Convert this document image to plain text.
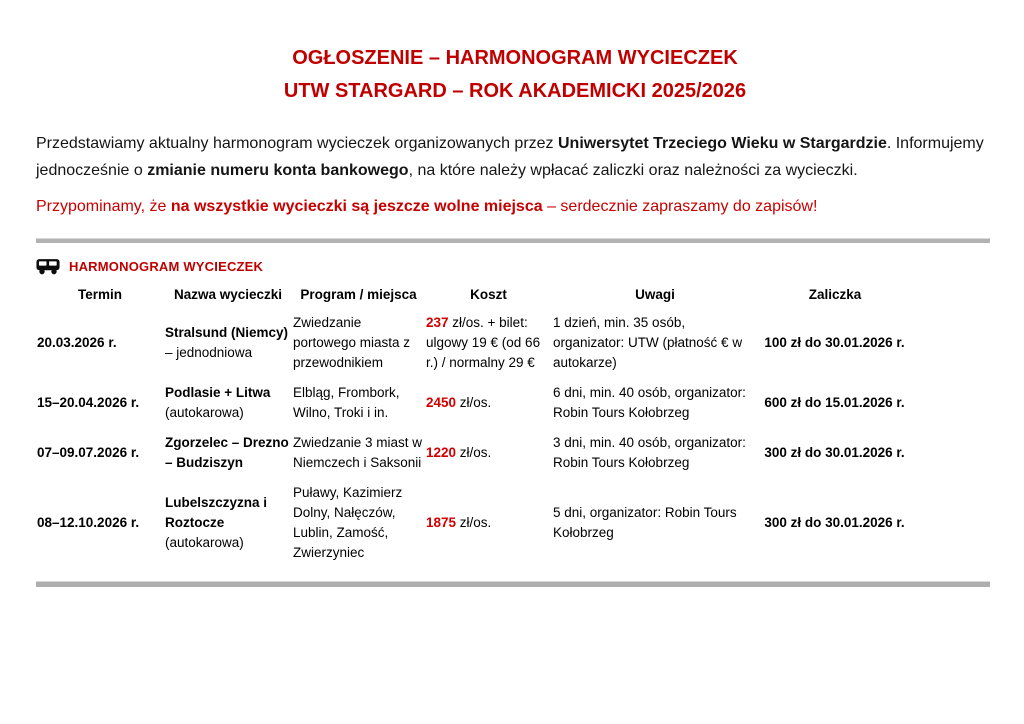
OGŁOSZENIE – HARMONOGRAM WYCIECZEK
UTW STARGARD – ROK AKADEMICKI 2025/2026

Przedstawiamy aktualny harmonogram wycieczek organizowanych przez Uniwersytet Trzeciego Wieku w Stargardzie. Informujemy jednocześnie o zmianie numeru konta bankowego, na które należy wpłacać zaliczki oraz należności za wycieczki.

Przypominamy, że na wszystkie wycieczki są jeszcze wolne miejsca – serdecznie zapraszamy do zapisów!

HARMONOGRAM WYCIECZEK
Termin	Nazwa wycieczki	Program / miejsca	Koszt	Uwagi	Zaliczka
20.03.2026 r.	Stralsund (Niemcy) – jednodniowa	Zwiedzanie portowego miasta z przewodnikiem	237 zł/os. + bilet: ulgowy 19 € (od 66 r.) / normalny 29 €	1 dzień, min. 35 osób, organizator: UTW (płatność € w autokarze)	100 zł do 30.01.2026 r.
15–20.04.2026 r.	Podlasie + Litwa (autokarowa)	Elbląg, Frombork, Wilno, Troki i in.	2450 zł/os.	6 dni, min. 40 osób, organizator: Robin Tours Kołobrzeg	600 zł do 15.01.2026 r.
07–09.07.2026 r.	Zgorzelec – Drezno – Budziszyn	Zwiedzanie 3 miast w Niemczech i Saksonii	1220 zł/os.	3 dni, min. 40 osób, organizator: Robin Tours Kołobrzeg	300 zł do 30.01.2026 r.
08–12.10.2026 r.	Lubelszczyzna i Roztocze (autokarowa)	Puławy, Kazimierz Dolny, Nałęczów, Lublin, Zamość, Zwierzyniec	1875 zł/os.	5 dni, organizator: Robin Tours Kołobrzeg	300 zł do 30.01.2026 r.
